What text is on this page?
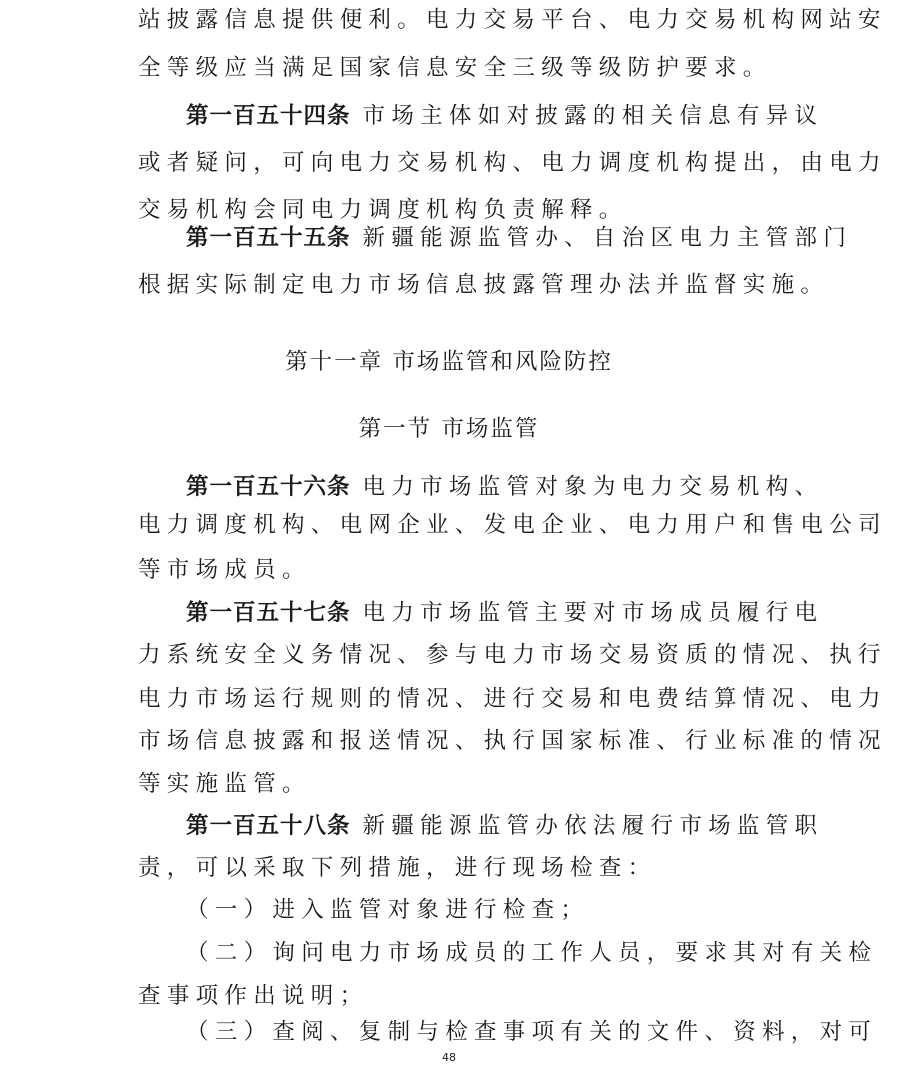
站披露信息提供便利。电力交易平台、电力交易机构网站安
全等级应当满足国家信息安全三级等级防护要求。
第一百五十四条 市场主体如对披露的相关信息有异议
或者疑问，可向电力交易机构、电力调度机构提出，由电力
交易机构会同电力调度机构负责解释。
第一百五十五条 新疆能源监管办、自治区电力主管部门
根据实际制定电力市场信息披露管理办法并监督实施。
第十一章 市场监管和风险防控
第一节 市场监管
第一百五十六条 电力市场监管对象为电力交易机构、
电力调度机构、电网企业、发电企业、电力用户和售电公司
等市场成员。
第一百五十七条 电力市场监管主要对市场成员履行电
力系统安全义务情况、参与电力市场交易资质的情况、执行
电力市场运行规则的情况、进行交易和电费结算情况、电力
市场信息披露和报送情况、执行国家标准、行业标准的情况
等实施监管。
第一百五十八条 新疆能源监管办依法履行市场监管职
责，可以采取下列措施，进行现场检查：
（一）进入监管对象进行检查；
（二）询问电力市场成员的工作人员，要求其对有关检
查事项作出说明；
（三）查阅、复制与检查事项有关的文件、资料，对可
48
